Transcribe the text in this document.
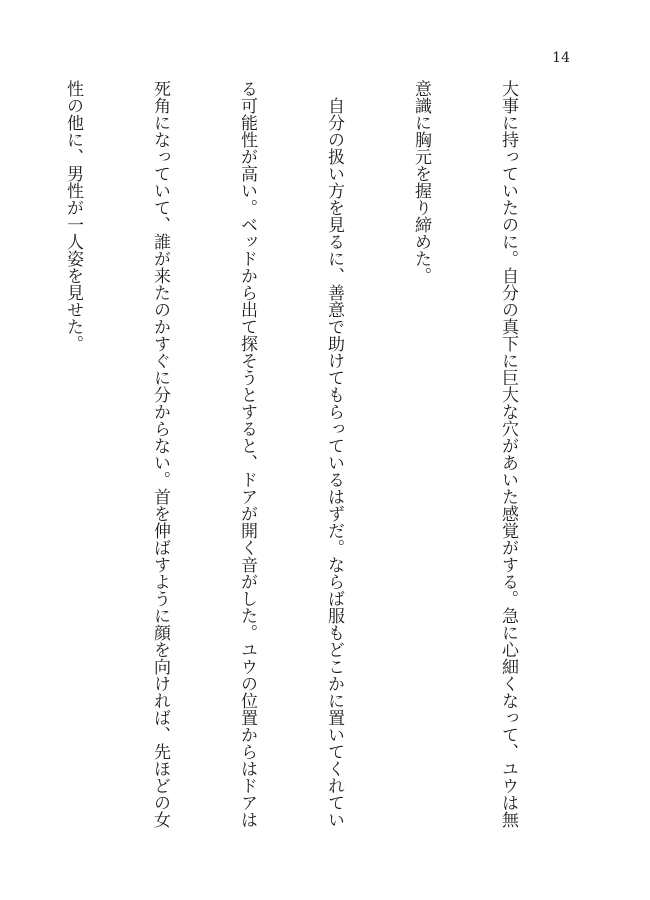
14

大事に持っていたのに。自分の真下に巨大な穴があいた感覚がする。急に心細くなって、ユウは無

意識に胸元を握り締めた。

　自分の扱い方を見るに、善意で助けてもらっているはずだ。ならば服もどこかに置いてくれてい

る可能性が高い。ベッドから出て探そうとすると、ドアが開く音がした。ユウの位置からはドアは

死角になっていて、誰が来たのかすぐに分からない。首を伸ばすように顔を向ければ、先ほどの女

性の他に、男性が一人姿を見せた。
